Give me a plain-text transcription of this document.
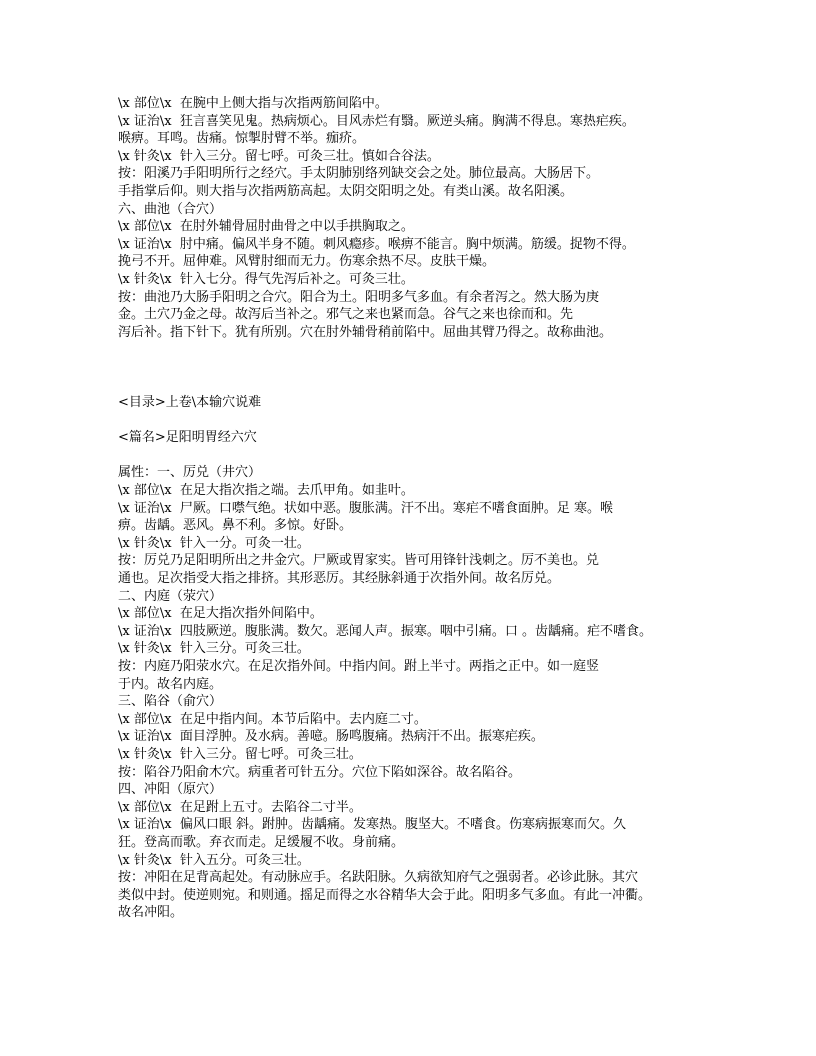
\x 部位\x  在腕中上侧大指与次指两筋间陷中。
\x 证治\x  狂言喜笑见鬼。热病烦心。目风赤烂有翳。厥逆头痛。胸满不得息。寒热疟疾。
喉痹。耳鸣。齿痛。惊掣肘臂不举。痂疥。
\x 针灸\x  针入三分。留七呼。可灸三壮。慎如合谷法。
按：阳溪乃手阳明所行之经穴。手太阴肺别络列缺交会之处。肺位最高。大肠居下。
手指掌后仰。则大指与次指两筋高起。太阴交阳明之处。有类山溪。故名阳溪。
六、曲池（合穴）
\x 部位\x  在肘外辅骨屈肘曲骨之中以手拱胸取之。
\x 证治\x  肘中痛。偏风半身不随。刺风瘾疹。喉痹不能言。胸中烦满。筋缓。捉物不得。
挽弓不开。屈伸难。风臂肘细而无力。伤寒余热不尽。皮肤干燥。
\x 针灸\x  针入七分。得气先泻后补之。可灸三壮。
按：曲池乃大肠手阳明之合穴。阳合为土。阳明多气多血。有余者泻之。然大肠为庚
金。土穴乃金之母。故泻后当补之。邪气之来也紧而急。谷气之来也徐而和。先
泻后补。指下针下。犹有所别。穴在肘外辅骨稍前陷中。屈曲其臂乃得之。故称曲池。
<目录>上卷\本输穴说难
<篇名>足阳明胃经六穴
属性：一、厉兑（井穴）
\x 部位\x  在足大指次指之端。去爪甲角。如韭叶。
\x 证治\x  尸厥。口噤气绝。状如中恶。腹胀满。汗不出。寒疟不嗜食面肿。足 寒。喉
痹。齿龋。恶风。鼻不利。多惊。好卧。
\x 针灸\x  针入一分。可灸一壮。
按：厉兑乃足阳明所出之井金穴。尸厥或胃家实。皆可用锋针浅刺之。厉不美也。兑
通也。足次指受大指之排挤。其形恶厉。其经脉斜通于次指外间。故名厉兑。
二、内庭（荥穴）
\x 部位\x  在足大指次指外间陷中。
\x 证治\x  四肢厥逆。腹胀满。数欠。恶闻人声。振寒。咽中引痛。口 。齿龋痛。疟不嗜食。
\x 针灸\x  针入三分。可灸三壮。
按：内庭乃阳荥水穴。在足次指外间。中指内间。跗上半寸。两指之正中。如一庭竖
于内。故名内庭。
三、陷谷（俞穴）
\x 部位\x  在足中指内间。本节后陷中。去内庭二寸。
\x 证治\x  面目浮肿。及水病。善噫。肠鸣腹痛。热病汗不出。振寒疟疾。
\x 针灸\x  针入三分。留七呼。可灸三壮。
按：陷谷乃阳俞木穴。病重者可针五分。穴位下陷如深谷。故名陷谷。
四、冲阳（原穴）
\x 部位\x  在足跗上五寸。去陷谷二寸半。
\x 证治\x  偏风口眼 斜。跗肿。齿龋痛。发寒热。腹坚大。不嗜食。伤寒病振寒而欠。久
狂。登高而歌。弃衣而走。足缓履不收。身前痛。
\x 针灸\x  针入五分。可灸三壮。
按：冲阳在足背高起处。有动脉应手。名趺阳脉。久病欲知府气之强弱者。必诊此脉。其穴
类似中封。使逆则宛。和则通。摇足而得之水谷精华大会于此。阳明多气多血。有此一冲衢。
故名冲阳。
